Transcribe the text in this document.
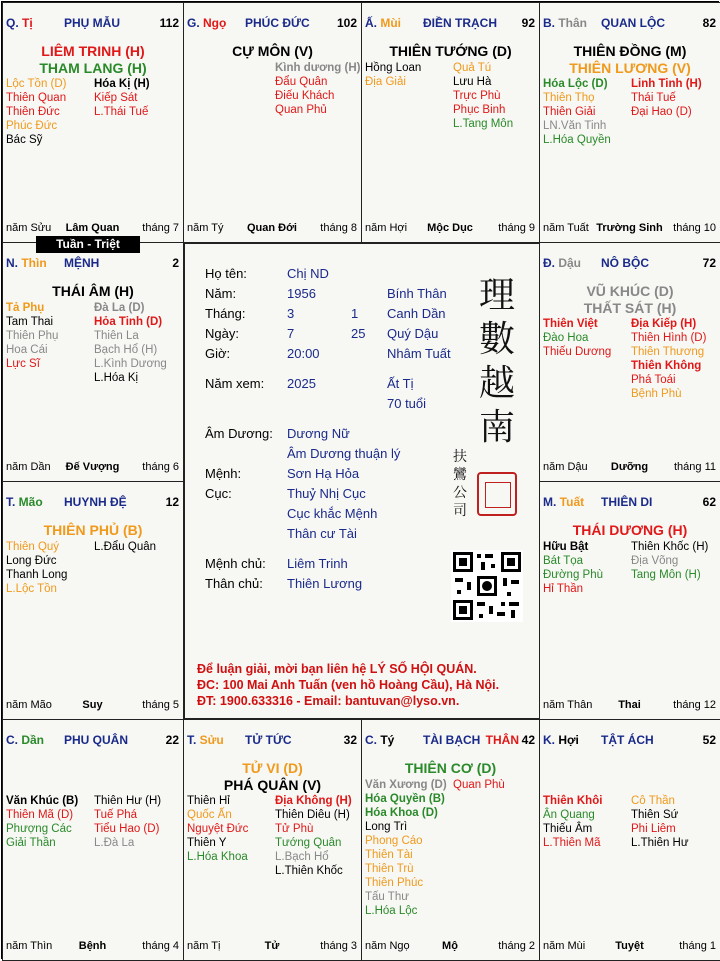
Q. Tị	PHỤ MẪU	112
LIÊM TRINH (H)
THAM LANG (H)
Lộc Tồn (D)
Thiên Quan
Thiên Đức
Phúc Đức
Bác Sỹ
Hóa Kị (H)
Kiếp Sát
L.Thái Tuế
năm Sửu	Lâm Quan	tháng 7
G. Ngọ PHÚC ĐỨC 102
CỰ MÔN (V)
Kình dương (H)
Đẩu Quân
Điếu Khách
Quan Phủ
năm Tý	Quan Đới	tháng 8
Ấ. Mùi ĐIỀN TRẠCH 92
THIÊN TƯỚNG (D)
Hồng Loan
Địa Giải
Quả Tú
Lưu Hà
Trực Phù
Phục Binh
L.Tang Môn
năm Hợi	Mộc Dục	tháng 9
B. Thân QUAN LỘC	82
THIÊN ĐỒNG (M)
THIÊN LƯƠNG (V)
Hóa Lộc (D)
Thiên Thọ
Thiên Giải
LN.Văn Tinh
L.Hóa Quyền
Linh Tinh (H)
Thái Tuế
Đại Hao (D)
năm Tuất Trường Sinh tháng 10
N. Thìn MỆNH	2
THÁI ÂM (H)
Tả Phụ
Tam Thai
Thiên Phụ
Hoa Cái
Lực Sĩ
Đà La (D)
Hỏa Tinh (D)
Thiên La
Bạch Hổ (H)
L.Kình Dương
L.Hóa Kị
năm Dần	Đế Vượng	tháng 6
Đ. Dậu NÔ BỘC	72
VŨ KHÚC (D)
THẤT SÁT (H)
Thiên Việt
Đào Hoa
Thiếu Dương
Địa Kiếp (H)
Thiên Hình (D)
Thiên Thương
Thiên Không
Phá Toái
Bệnh Phù
năm Dậu	Dưỡng	tháng 11
T. Mão HUYNH ĐỆ	12
THIÊN PHỦ (B)
Thiên Quý
Long Đức
Thanh Long
L.Lộc Tồn
L.Đẩu Quân
năm Mão	Suy	tháng 5
M. Tuất THIÊN DI	62
THÁI DƯƠNG (H)
Hữu Bật
Bát Tọa
Đường Phù
Hỉ Thần
Thiên Khốc (H)
Địa Võng
Tang Môn (H)
năm Thân	Thai	tháng 12
C. Dần PHU QUÂN	22
Văn Khúc (B)
Thiên Mã (D)
Phượng Các
Giải Thần
Thiên Hư (H)
Tuế Phá
Tiểu Hao (D)
L.Đà La
năm Thìn	Bệnh	tháng 4
T. Sửu TỬ TỨC	32
TỬ VI (D)
PHÁ QUÂN (V)
Thiên Hỉ
Quốc Ấn
Nguyệt Đức
Thiên Y
L.Hóa Khoa
Địa Không (H)
Thiên Diêu (H)
Tử Phù
Tướng Quân
L.Bạch Hổ
L.Thiên Khốc
năm Tị	Tử	tháng 3
C. Tý TÀI BẠCH THÂN 42
THIÊN CƠ (D)
Văn Xương (D)
Hóa Quyền (B)
Hóa Khoa (D)
Long Trì
Phong Cáo
Thiên Tài
Thiên Trù
Thiên Phúc
Tấu Thư
L.Hóa Lộc
Quan Phù
năm Ngọ	Mộ	tháng 2
K. Hợi TẬT ÁCH	52
Thiên Khôi
Ân Quang
Thiếu Âm
L.Thiên Mã
Cô Thần
Thiên Sứ
Phi Liêm
L.Thiên Hư
năm Mùi	Tuyệt	tháng 1
Tuần - Triệt
Họ tên:	Chị ND
Năm:	1956	Bính Thân
Tháng:	3	1 Canh Dần
Ngày:	7	25 Quý Dậu
Giờ:	20:00	Nhâm Tuất
Năm xem: 2025	Ất Tị
70 tuổi
Âm Dương: Dương Nữ
Âm Dương thuận lý
Mệnh:	Sơn Hạ Hỏa
Cục:	Thuỷ Nhị Cục
Cục khắc Mệnh
Thân cư Tài
Mệnh chủ: Liêm Trinh
Thân chủ: Thiên Lương
理
數
越
南
扶
鸞
公
司
Để luận giải, mời bạn liên hệ LÝ SỐ HỘI QUÁN.
ĐC: 100 Mai Anh Tuấn (ven hồ Hoàng Cầu), Hà Nội.
ĐT: 1900.633316 - Email: bantuvan@lyso.vn.
